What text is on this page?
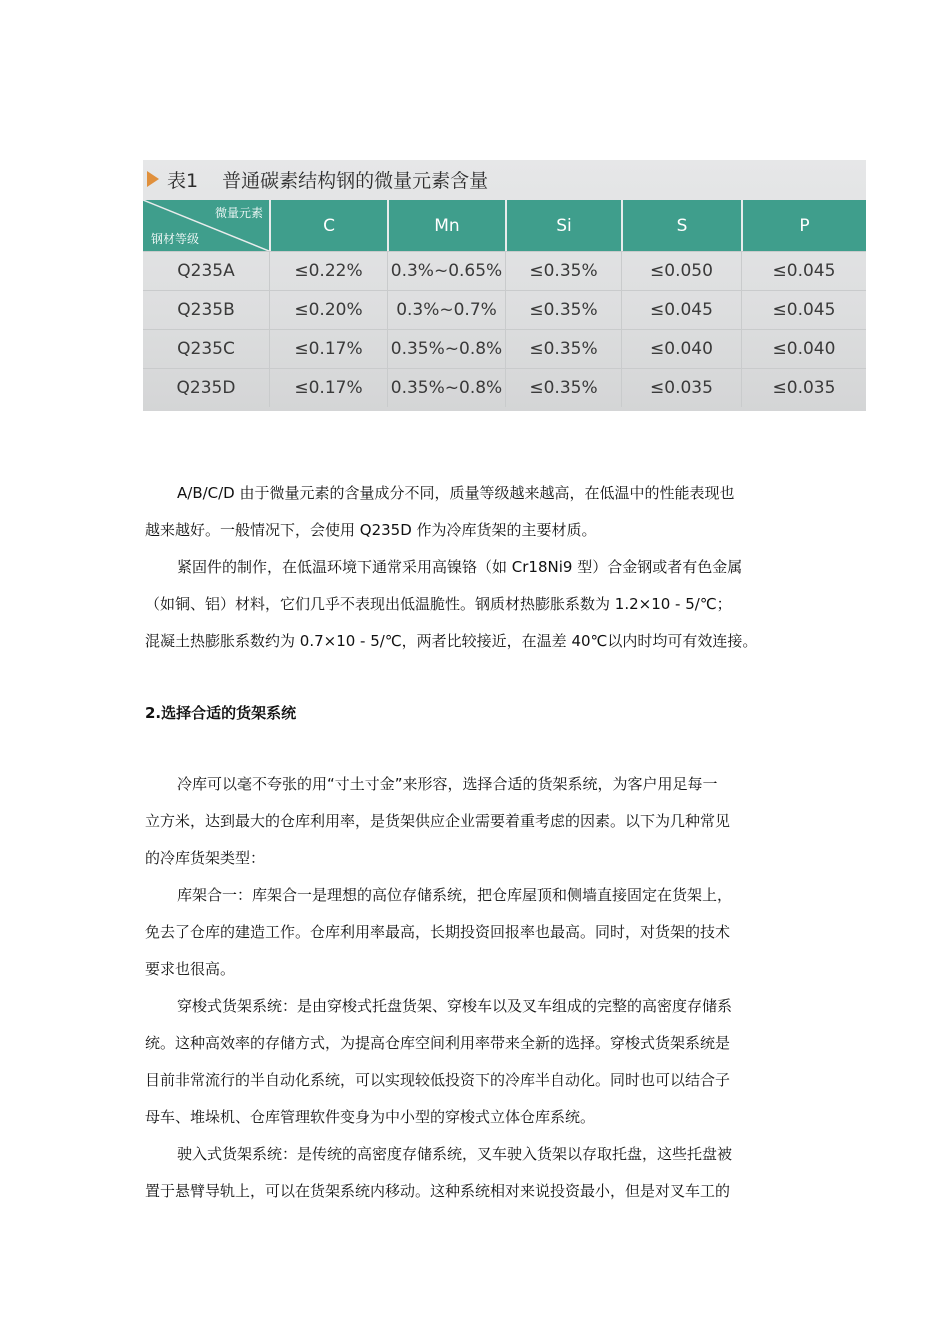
表1 普通碳素结构钢的微量元素含量
微量元素
钢材等级
C	Mn	Si	S	P
Q235A	≤0.22%	0.3%~0.65%	≤0.35%	≤0.050	≤0.045
Q235B	≤0.20%	0.3%~0.7%	≤0.35%	≤0.045	≤0.045
Q235C	≤0.17%	0.35%~0.8%	≤0.35%	≤0.040	≤0.040
Q235D	≤0.17%	0.35%~0.8%	≤0.35%	≤0.035	≤0.035

A/B/C/D 由于微量元素的含量成分不同，质量等级越来越高，在低温中的性能表现也
越来越好。一般情况下，会使用 Q235D 作为冷库货架的主要材质。

紧固件的制作，在低温环境下通常采用高镍铬（如 Cr18Ni9 型）合金钢或者有色金属
（如铜、铝）材料，它们几乎不表现出低温脆性。钢质材热膨胀系数为 1.2×10 - 5/℃；
混凝土热膨胀系数约为 0.7×10 - 5/℃，两者比较接近，在温差 40℃以内时均可有效连接。

2.选择合适的货架系统

冷库可以毫不夸张的用“寸土寸金”来形容，选择合适的货架系统，为客户用足每一
立方米，达到最大的仓库利用率，是货架供应企业需要着重考虑的因素。以下为几种常见
的冷库货架类型：

库架合一：库架合一是理想的高位存储系统，把仓库屋顶和侧墙直接固定在货架上，
免去了仓库的建造工作。仓库利用率最高，长期投资回报率也最高。同时，对货架的技术
要求也很高。

穿梭式货架系统：是由穿梭式托盘货架、穿梭车以及叉车组成的完整的高密度存储系
统。这种高效率的存储方式，为提高仓库空间利用率带来全新的选择。穿梭式货架系统是
目前非常流行的半自动化系统，可以实现较低投资下的冷库半自动化。同时也可以结合子
母车、堆垛机、仓库管理软件变身为中小型的穿梭式立体仓库系统。

驶入式货架系统：是传统的高密度存储系统，叉车驶入货架以存取托盘，这些托盘被
置于悬臂导轨上，可以在货架系统内移动。这种系统相对来说投资最小，但是对叉车工的
